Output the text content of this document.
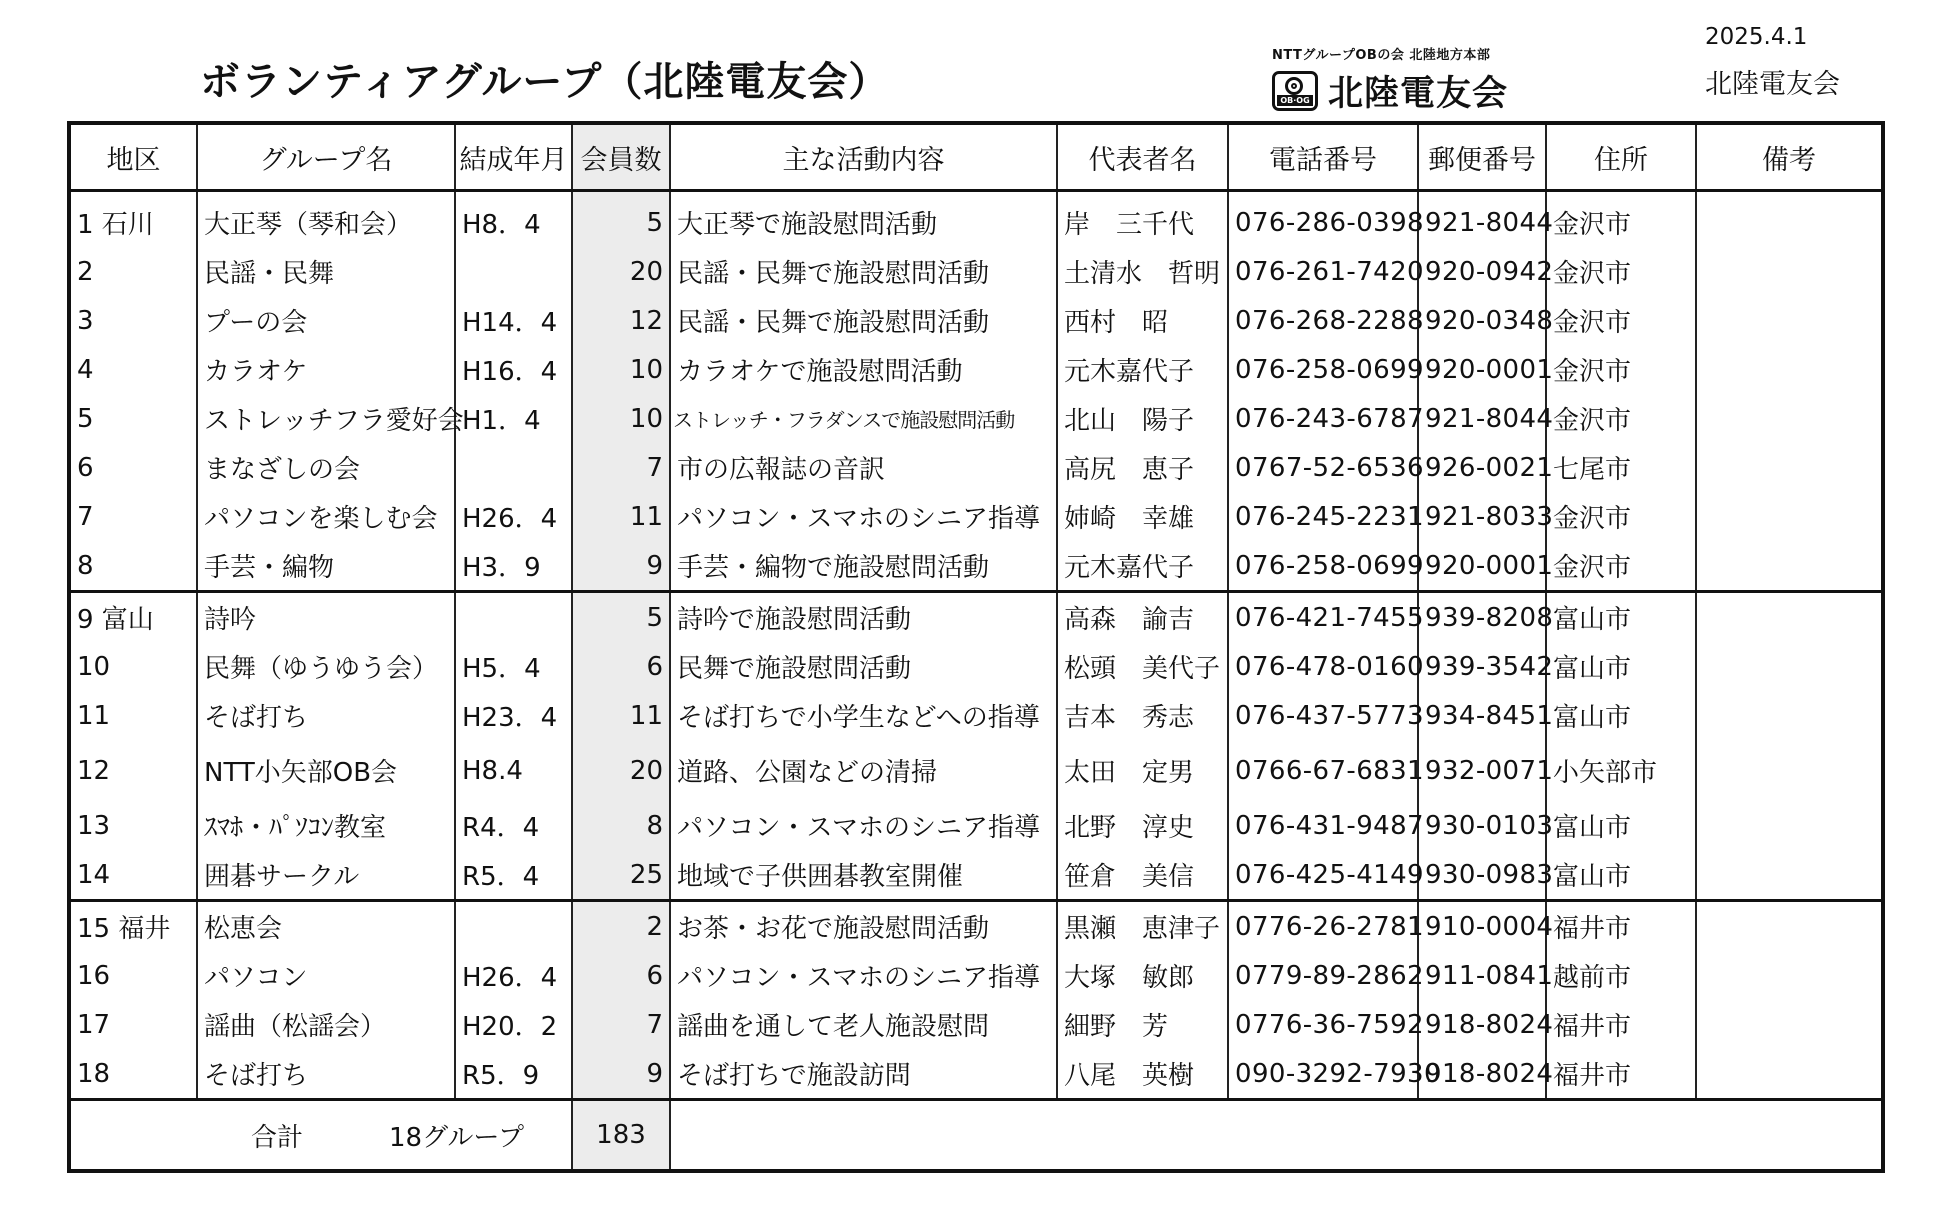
ボランティアグループ（北陸電友会）
NTTグループOBの会 北陸地方本部
OB·OG 北陸電友会
2025.4.1
北陸電友会
地区	グループ名	結成年月	会員数	主な活動内容	代表者名	電話番号	郵便番号	住所	備考
1 石川	大正琴（琴和会）	H8．4	5	大正琴で施設慰問活動	岸　三千代	076-286-0398	921-8044	金沢市	
2	民謡・民舞		20	民謡・民舞で施設慰問活動	土清水　哲明	076-261-7420	920-0942	金沢市	
3	プーの会	H14．4	12	民謡・民舞で施設慰問活動	西村　昭	076-268-2288	920-0348	金沢市	
4	カラオケ	H16．4	10	カラオケで施設慰問活動	元木嘉代子	076-258-0699	920-0001	金沢市	
5	ストレッチフラ愛好会	H1．4	10	ストレッチ・フラダンスで施設慰問活動	北山　陽子	076-243-6787	921-8044	金沢市	
6	まなざしの会		7	市の広報誌の音訳	高尻　恵子	0767-52-6536	926-0021	七尾市	
7	パソコンを楽しむ会	H26．4	11	パソコン・スマホのシニア指導	姉崎　幸雄	076-245-2231	921-8033	金沢市	
8	手芸・編物	H3．9	9	手芸・編物で施設慰問活動	元木嘉代子	076-258-0699	920-0001	金沢市	
9 富山	詩吟		5	詩吟で施設慰問活動	高森　諭吉	076-421-7455	939-8208	富山市	
10	民舞（ゆうゆう会）	H5．4	6	民舞で施設慰問活動	松頭　美代子	076-478-0160	939-3542	富山市	
11	そば打ち	H23．4	11	そば打ちで小学生などへの指導	吉本　秀志	076-437-5773	934-8451	富山市	
12	NTT小矢部OB会	H8.4	20	道路、公園などの清掃	太田　定男	0766-67-6831	932-0071	小矢部市	
13	ｽﾏﾎ・ﾊﾟｿｺﾝ教室	R4．4	8	パソコン・スマホのシニア指導	北野　淳史	076-431-9487	930-0103	富山市	
14	囲碁サークル	R5．4	25	地域で子供囲碁教室開催	笹倉　美信	076-425-4149	930-0983	富山市	
15 福井	松恵会		2	お茶・お花で施設慰問活動	黒瀬　恵津子	0776-26-2781	910-0004	福井市	
16	パソコン	H26．4	6	パソコン・スマホのシニア指導	大塚　敏郎	0779-89-2862	911-0841	越前市	
17	謡曲（松謡会）	H20．2	7	謡曲を通して老人施設慰問	細野　芳	0776-36-7592	918-8024	福井市	
18	そば打ち	R5．9	9	そば打ちで施設訪問	八尾　英樹	090-3292-7930	918-8024	福井市	
合計 18グループ			183						
